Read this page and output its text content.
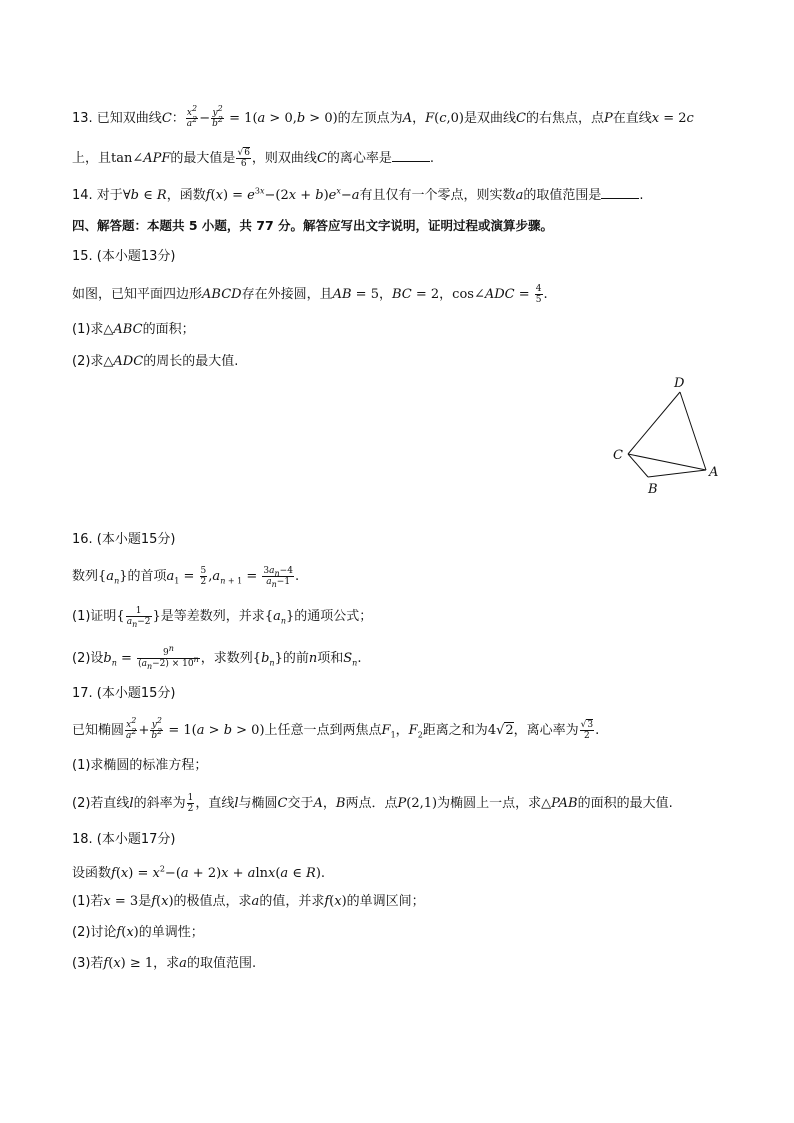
13. 已知双曲线C： $\frac{x^2}{a^2} - \frac{y^2}{b^2} = 1(a > 0,b > 0)$的左顶点为A，F(c,0)是双曲线C的右焦点，点P在直线x = 2c
上，且tan∠APF的最大值是 $\frac{√6}{6}$ ，则双曲线C的离心率是	.
14. 对于∀b ∈ R，函数$f(x) = e^{3x}-(2x + b)e^x-a$有且仅有一个零点，则实数a的取值范围是	.
四、解答题：本题共 5 小题，共 77 分。解答应写出文字说明，证明过程或演算步骤。
15. (本小题13分)
如图，已知平面四边形ABCD存在外接圆，且AB = 5，BC = 2，cos∠ADC = $\frac{4}{5}$ .
(1)求△ABC的面积；
(2)求△ADC的周长的最大值.
D
C
B
A
16. (本小题15分)
数列$\{a_n\}$的首项$a_1 = \frac{5}{2} ,a_{n + 1} = \frac{3a_n-4}{a_n-1}$ .
(1)证明{ $\frac{1}{a_n-2}$ }是等差数列，并求$\{a_n\}$的通项公式；
(2)设$b_n = \frac{9^n}{(a_n-2) \times 10^n}$ ，求数列$\{b_n\}$的前n项和$S_n$.
17. (本小题15分)
已知椭圆 $\frac{x^2}{a^2} + \frac{y^2}{b^2} = 1(a > b > 0)$上任意一点到两焦点$F_1$，$F_2$距离之和为4√2，离心率为 $\frac{√3}{2}$ .
(1)求椭圆的标准方程；
(2)若直线l的斜率为 $\frac{1}{2}$ ，直线l与椭圆C交于A，B两点．点P(2,1)为椭圆上一点，求△PAB的面积的最大值.
18. (本小题17分)
设函数$f(x) = x^2-(a + 2)x + alnx(a$ ∈ R).
(1)若x = 3是f(x)的极值点，求a的值，并求f(x)的单调区间；
(2)讨论f(x)的单调性；
(3)若f(x) ≥ 1，求a的取值范围.
